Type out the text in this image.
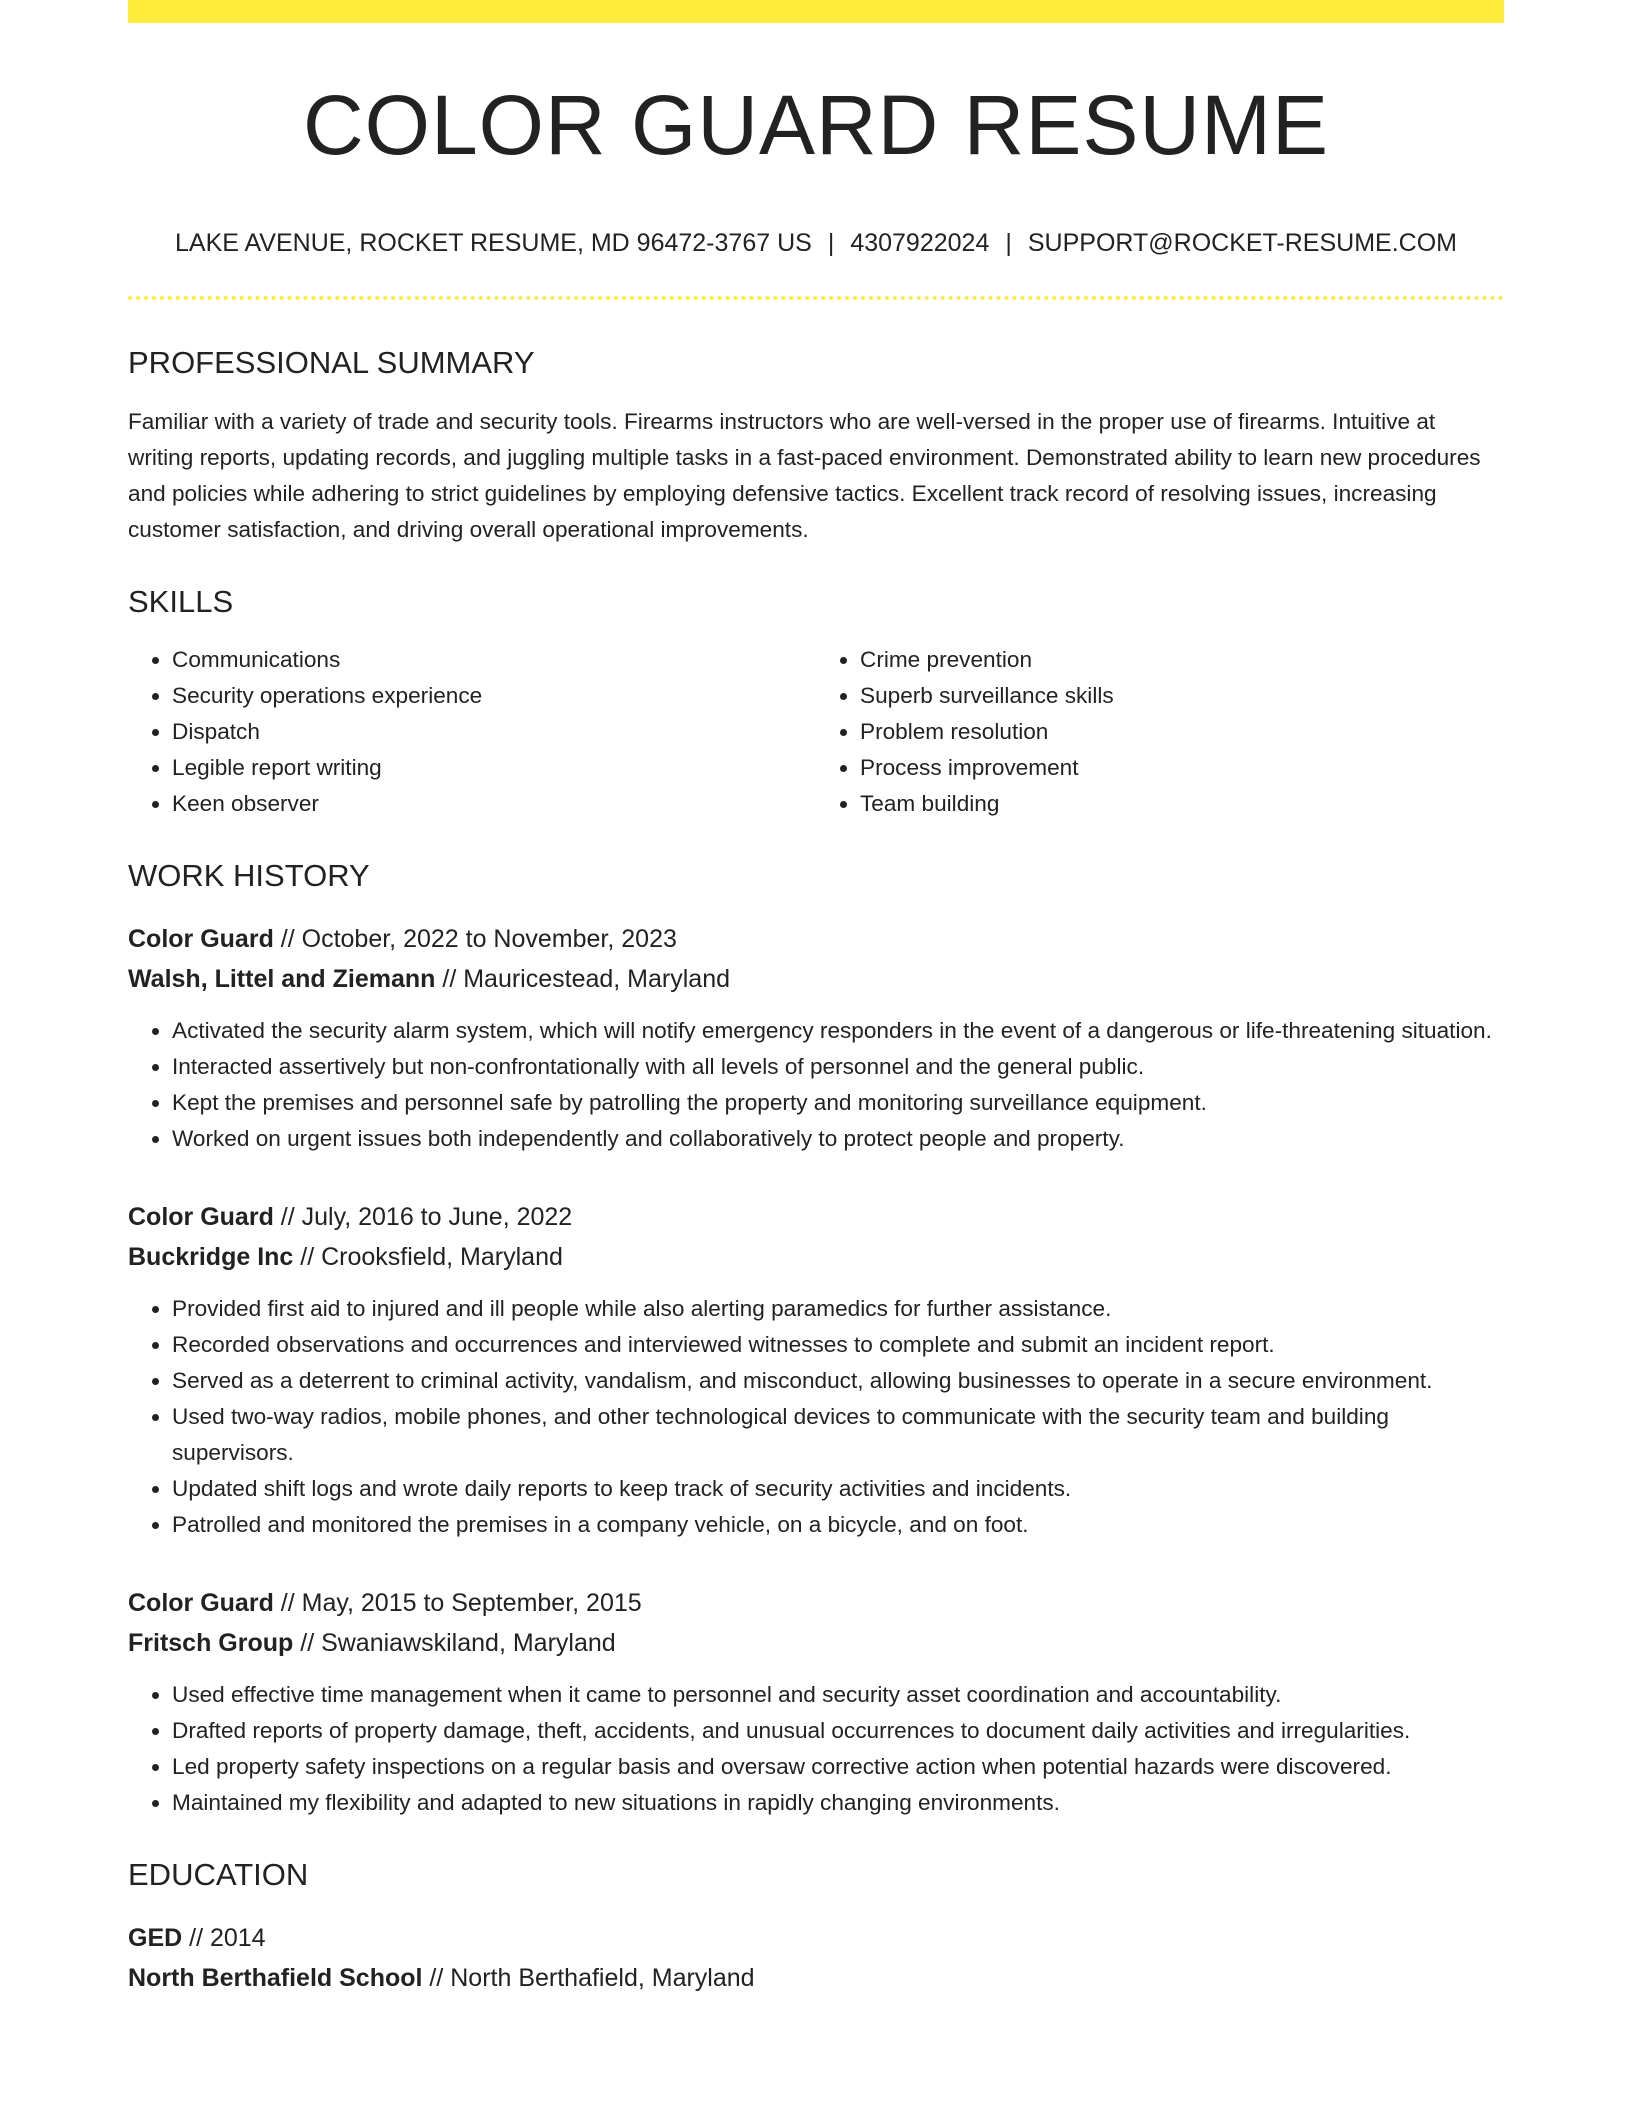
COLOR GUARD RESUME
LAKE AVENUE, ROCKET RESUME, MD 96472-3767 US | 4307922024 | SUPPORT@ROCKET-RESUME.COM
PROFESSIONAL SUMMARY

Familiar with a variety of trade and security tools. Firearms instructors who are well-versed in the proper use of firearms. Intuitive at writing reports, updating records, and juggling multiple tasks in a fast-paced environment. Demonstrated ability to learn new procedures and policies while adhering to strict guidelines by employing defensive tactics. Excellent track record of resolving issues, increasing customer satisfaction, and driving overall operational improvements.

SKILLS
• Communications
• Security operations experience
• Dispatch
• Legible report writing
• Keen observer
• Crime prevention
• Superb surveillance skills
• Problem resolution
• Process improvement
• Team building
WORK HISTORY
Color Guard // October, 2022 to November, 2023
Walsh, Littel and Ziemann // Mauricestead, Maryland
• Activated the security alarm system, which will notify emergency responders in the event of a dangerous or life-threatening situation.
• Interacted assertively but non-confrontationally with all levels of personnel and the general public.
• Kept the premises and personnel safe by patrolling the property and monitoring surveillance equipment.
• Worked on urgent issues both independently and collaboratively to protect people and property.
Color Guard // July, 2016 to June, 2022
Buckridge Inc // Crooksfield, Maryland
• Provided first aid to injured and ill people while also alerting paramedics for further assistance.
• Recorded observations and occurrences and interviewed witnesses to complete and submit an incident report.
• Served as a deterrent to criminal activity, vandalism, and misconduct, allowing businesses to operate in a secure environment.
• Used two-way radios, mobile phones, and other technological devices to communicate with the security team and building supervisors.
• Updated shift logs and wrote daily reports to keep track of security activities and incidents.
• Patrolled and monitored the premises in a company vehicle, on a bicycle, and on foot.
Color Guard // May, 2015 to September, 2015
Fritsch Group // Swaniawskiland, Maryland
• Used effective time management when it came to personnel and security asset coordination and accountability.
• Drafted reports of property damage, theft, accidents, and unusual occurrences to document daily activities and irregularities.
• Led property safety inspections on a regular basis and oversaw corrective action when potential hazards were discovered.
• Maintained my flexibility and adapted to new situations in rapidly changing environments.
EDUCATION
GED // 2014
North Berthafield School // North Berthafield, Maryland
